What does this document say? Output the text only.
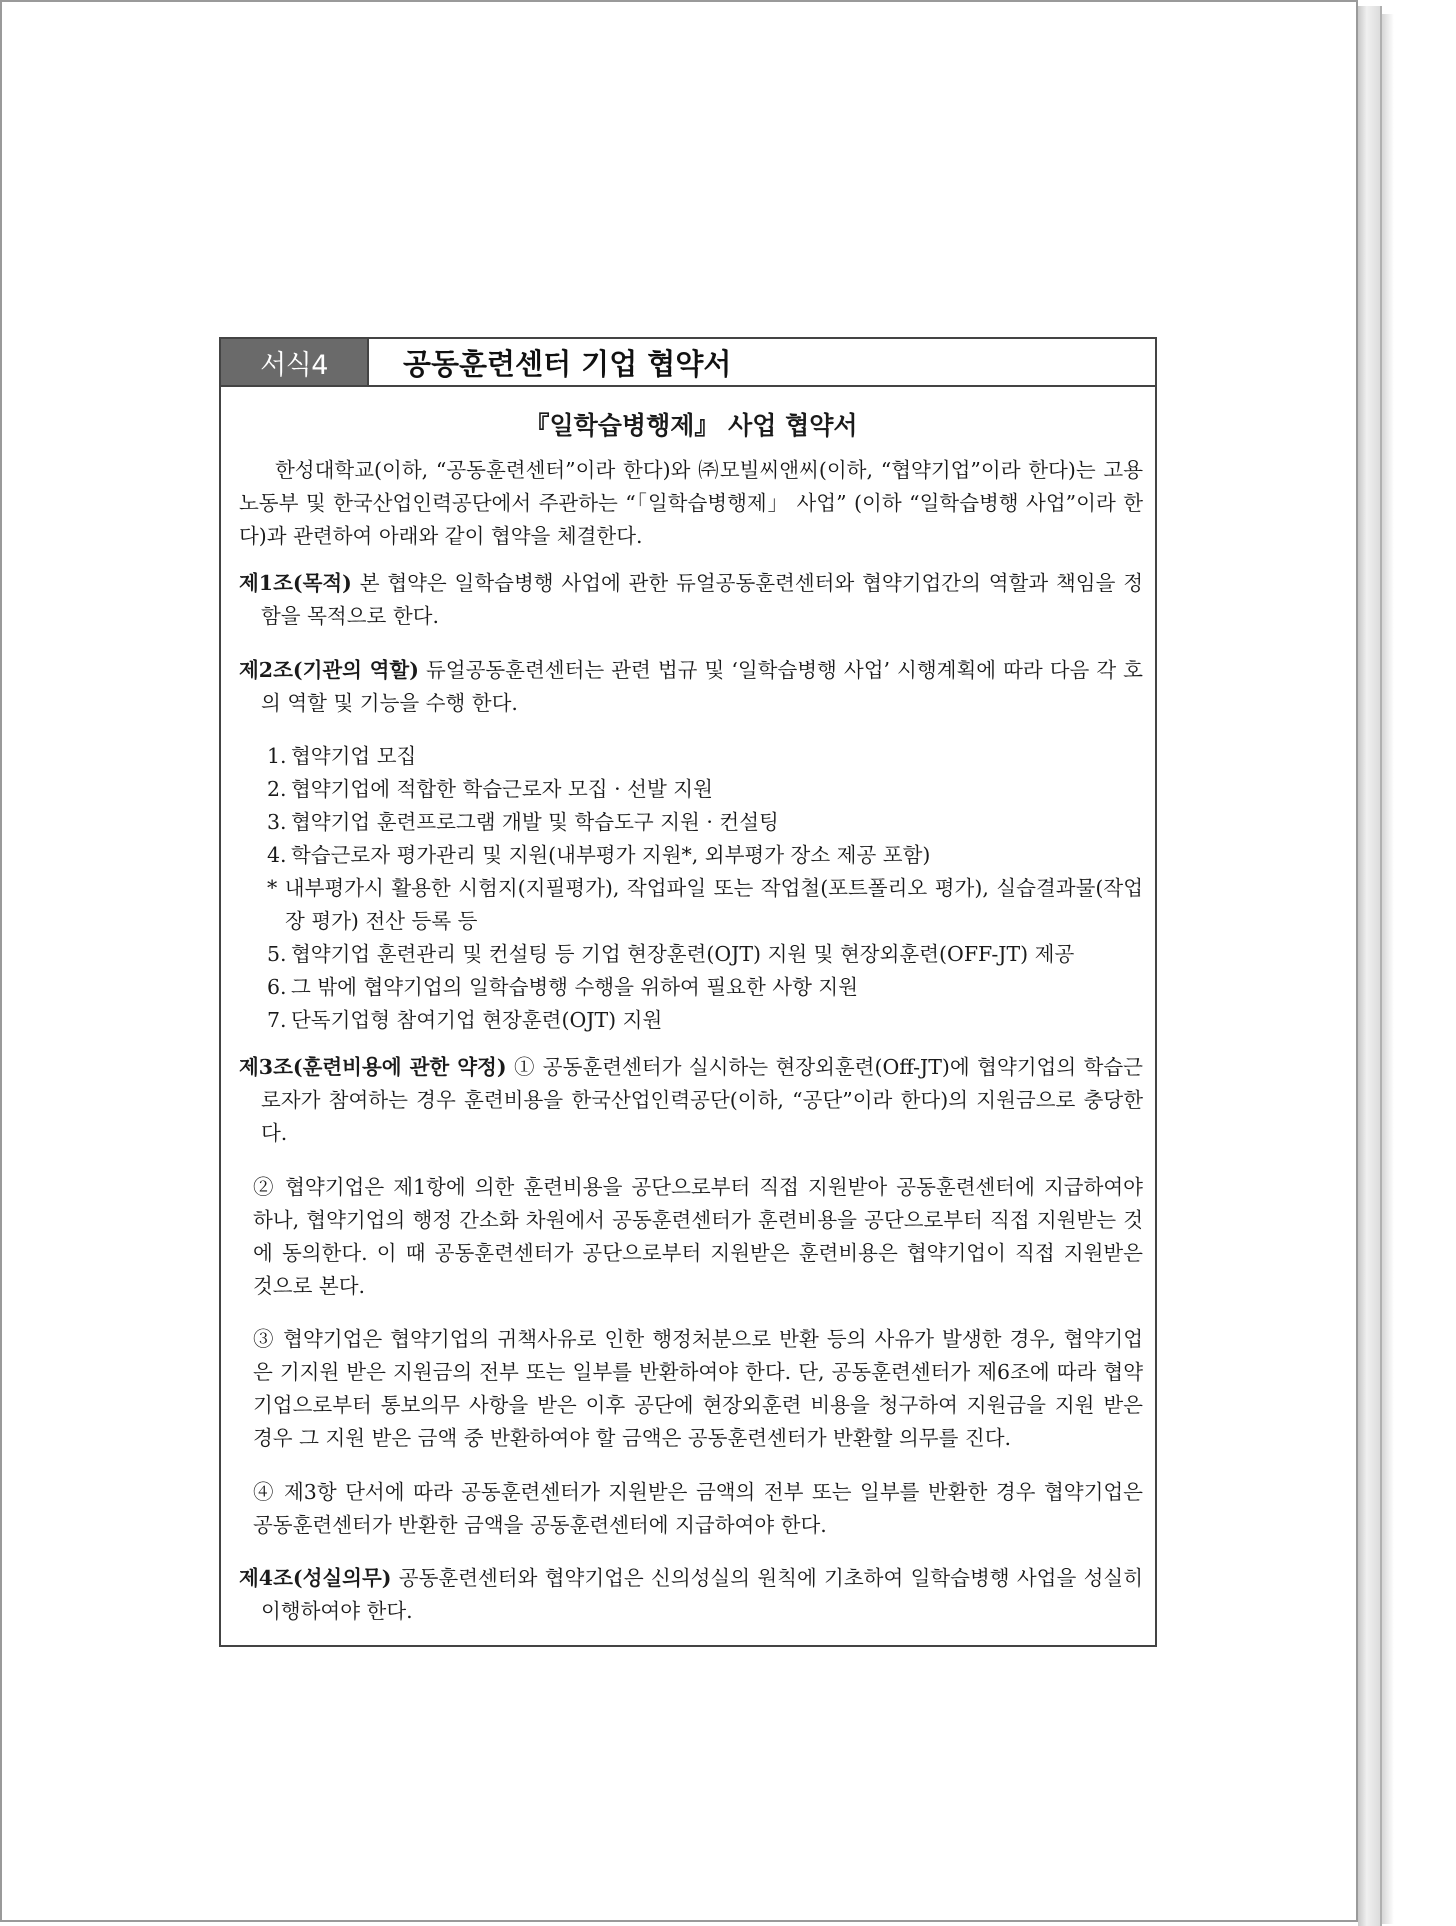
서식4	공동훈련센터 기업 협약서
『일학습병행제』 사업 협약서

한성대학교(이하, “공동훈련센터”이라 한다)와 ㈜모빌씨앤씨(이하, “협약기업”이라 한다)는 고용노동부 및 한국산업인력공단에서 주관하는 “「일학습병행제」 사업” (이하 “일학습병행 사업”이라 한다)과 관련하여 아래와 같이 협약을 체결한다.

제1조(목적) 본 협약은 일학습병행 사업에 관한 듀얼공동훈련센터와 협약기업간의 역할과 책임을 정함을 목적으로 한다.

제2조(기관의 역할) 듀얼공동훈련센터는 관련 법규 및 ‘일학습병행 사업’ 시행계획에 따라 다음 각 호의 역할 및 기능을 수행 한다.

1. 협약기업 모집
2. 협약기업에 적합한 학습근로자 모집 · 선발 지원
3. 협약기업 훈련프로그램 개발 및 학습도구 지원 · 컨설팅
4. 학습근로자 평가관리 및 지원(내부평가 지원*, 외부평가 장소 제공 포함)

* 내부평가시 활용한 시험지(지필평가), 작업파일 또는 작업철(포트폴리오 평가), 실습결과물(작업장 평가) 전산 등록 등

5. 협약기업 훈련관리 및 컨설팅 등 기업 현장훈련(OJT) 지원 및 현장외훈련(OFF-JT) 제공
6. 그 밖에 협약기업의 일학습병행 수행을 위하여 필요한 사항 지원
7. 단독기업형 참여기업 현장훈련(OJT) 지원

제3조(훈련비용에 관한 약정) ① 공동훈련센터가 실시하는 현장외훈련(Off-JT)에 협약기업의 학습근로자가 참여하는 경우 훈련비용을 한국산업인력공단(이하, “공단”이라 한다)의 지원금으로 충당한다.

② 협약기업은 제1항에 의한 훈련비용을 공단으로부터 직접 지원받아 공동훈련센터에 지급하여야 하나, 협약기업의 행정 간소화 차원에서 공동훈련센터가 훈련비용을 공단으로부터 직접 지원받는 것에 동의한다. 이 때 공동훈련센터가 공단으로부터 지원받은 훈련비용은 협약기업이 직접 지원받은 것으로 본다.

③ 협약기업은 협약기업의 귀책사유로 인한 행정처분으로 반환 등의 사유가 발생한 경우, 협약기업은 기지원 받은 지원금의 전부 또는 일부를 반환하여야 한다. 단, 공동훈련센터가 제6조에 따라 협약기업으로부터 통보의무 사항을 받은 이후 공단에 현장외훈련 비용을 청구하여 지원금을 지원 받은 경우 그 지원 받은 금액 중 반환하여야 할 금액은 공동훈련센터가 반환할 의무를 진다.

④ 제3항 단서에 따라 공동훈련센터가 지원받은 금액의 전부 또는 일부를 반환한 경우 협약기업은 공동훈련센터가 반환한 금액을 공동훈련센터에 지급하여야 한다.

제4조(성실의무) 공동훈련센터와 협약기업은 신의성실의 원칙에 기초하여 일학습병행 사업을 성실히 이행하여야 한다.
